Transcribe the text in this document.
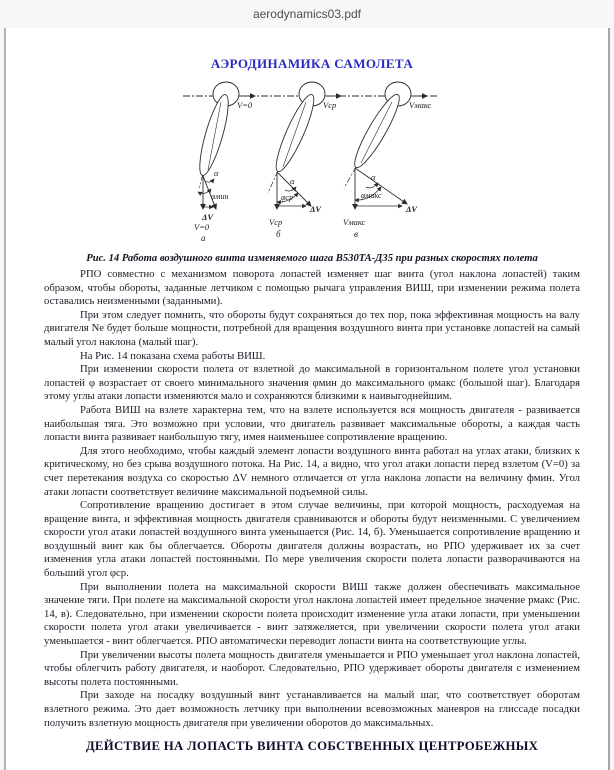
aerodynamics03.pdf
АЭРОДИНАМИКА САМОЛЕТА
V=0
α
φмин
ΔV
V=0
а
Vср
α
φср
ΔV
Vср
б
Vмакс
α
φмакс
ΔV
Vмакс
в

Рис. 14 Работа воздушного винта изменяемого шага В530ТА-Д35 при разных скоростях полета

РПО совместно с механизмом поворота лопастей изменяет шаг винта (угол наклона лопастей) таким образом, чтобы обороты, заданные летчиком с помощью рычага управления ВИШ, при изменении режима полета оставались неизменными (заданными).

При этом следует помнить, что обороты будут сохраняться до тех пор, пока эффективная мощность на валу двигателя Nе будет больше мощности, потребной для вращения воздушного винта при установке лопастей на самый малый угол наклона (малый шаг).

На Рис. 14 показана схема работы ВИШ.

При изменении скорости полета от взлетной до максимальной в горизонтальном полете угол установки лопастей φ возрастает от своего минимального значения φмин до максимального φмакс (большой шаг). Благодаря этому углы атаки лопасти изменяются мало и сохраняются близкими к наивыгоднейшим.

Работа ВИШ на взлете характерна тем, что на взлете используется вся мощность двигателя - развивается наибольшая тяга. Это возможно при условии, что двигатель развивает максимальные обороты, а каждая часть лопасти винта развивает наибольшую тягу, имея наименьшее сопротивление вращению.

Для этого необходимо, чтобы каждый элемент лопасти воздушного винта работал на углах атаки, близких к критическому, но без срыва воздушного потока. На Рис. 14, а видно, что угол атаки лопасти перед взлетом (V=0) за счет перетекания воздуха со скоростью ΔV немного отличается от угла наклона лопасти на величину фмин. Угол атаки лопасти соответствует величине максимальной подъемной силы.

Сопротивление вращению достигает в этом случае величины, при которой мощность, расходуемая на вращение винта, и эффективная мощность двигателя сравниваются и обороты будут неизменными. С увеличением скорости угол атаки лопастей воздушного винта уменьшается (Рис. 14, б). Уменьшается сопротивление вращению и воздушный винт как бы облегчается. Обороты двигателя должны возрастать, но РПО удерживает их за счет изменения угла атаки лопастей постоянными. По мере увеличения скорости полета лопасти разворачиваются на больший угол φср.

При выполнении полета на максимальной скорости ВИШ также должен обеспечивать максимальное значение тяги. При полете на максимальной скорости угол наклона лопастей имеет предельное значение рмакс (Рис. 14, в). Следовательно, при изменении скорости полета происходит изменение угла атаки лопасти, при уменьшении скорости полета угол атаки увеличивается - винт затяжеляется, при увеличении скорости полета угол атаки уменьшается - винт облегчается. РПО автоматически переводит лопасти винта на соответствующие углы.

При увеличении высоты полета мощность двигателя уменьшается и РПО уменьшает угол наклона лопастей, чтобы облегчить работу двигателя, и наоборот. Следовательно, РПО удерживает обороты двигателя с изменением высоты полета постоянными.

При заходе на посадку воздушный винт устанавливается на малый шаг, что соответствует оборотам взлетного режима. Это дает возможность летчику при выполнении всевозможных маневров на глиссаде посадки получить взлетную мощность двигателя при увеличении оборотов до максимальных.

ДЕЙСТВИЕ НА ЛОПАСТЬ ВИНТА СОБСТВЕННЫХ ЦЕНТРОБЕЖНЫХ
